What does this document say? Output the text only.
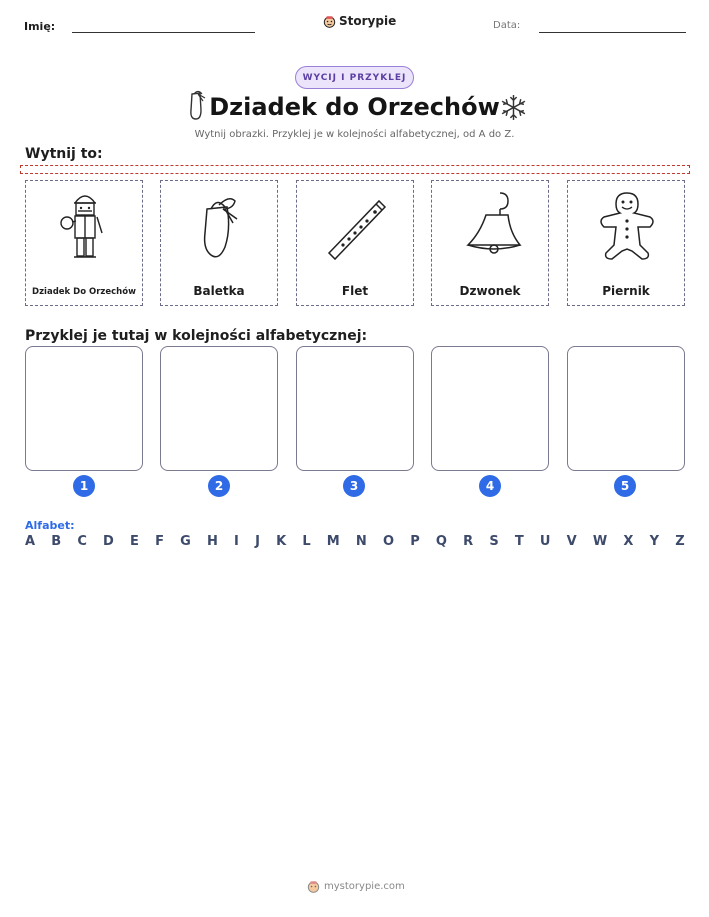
Imię:	Storypie	Data:
WYCIJ I PRZYKLEJ
Dziadek do Orzechów
Wytnij obrazki. Przyklej je w kolejności alfabetycznej, od A do Z.
Wytnij to:
Dziadek Do Orzechów	Baletka	Flet	Dzwonek	Piernik
Przyklej je tutaj w kolejności alfabetycznej:
1	2	3	4	5
Alfabet:
A B C D E F G H I J K L M N O P Q R S T U V W X Y Z
mystorypie.com
